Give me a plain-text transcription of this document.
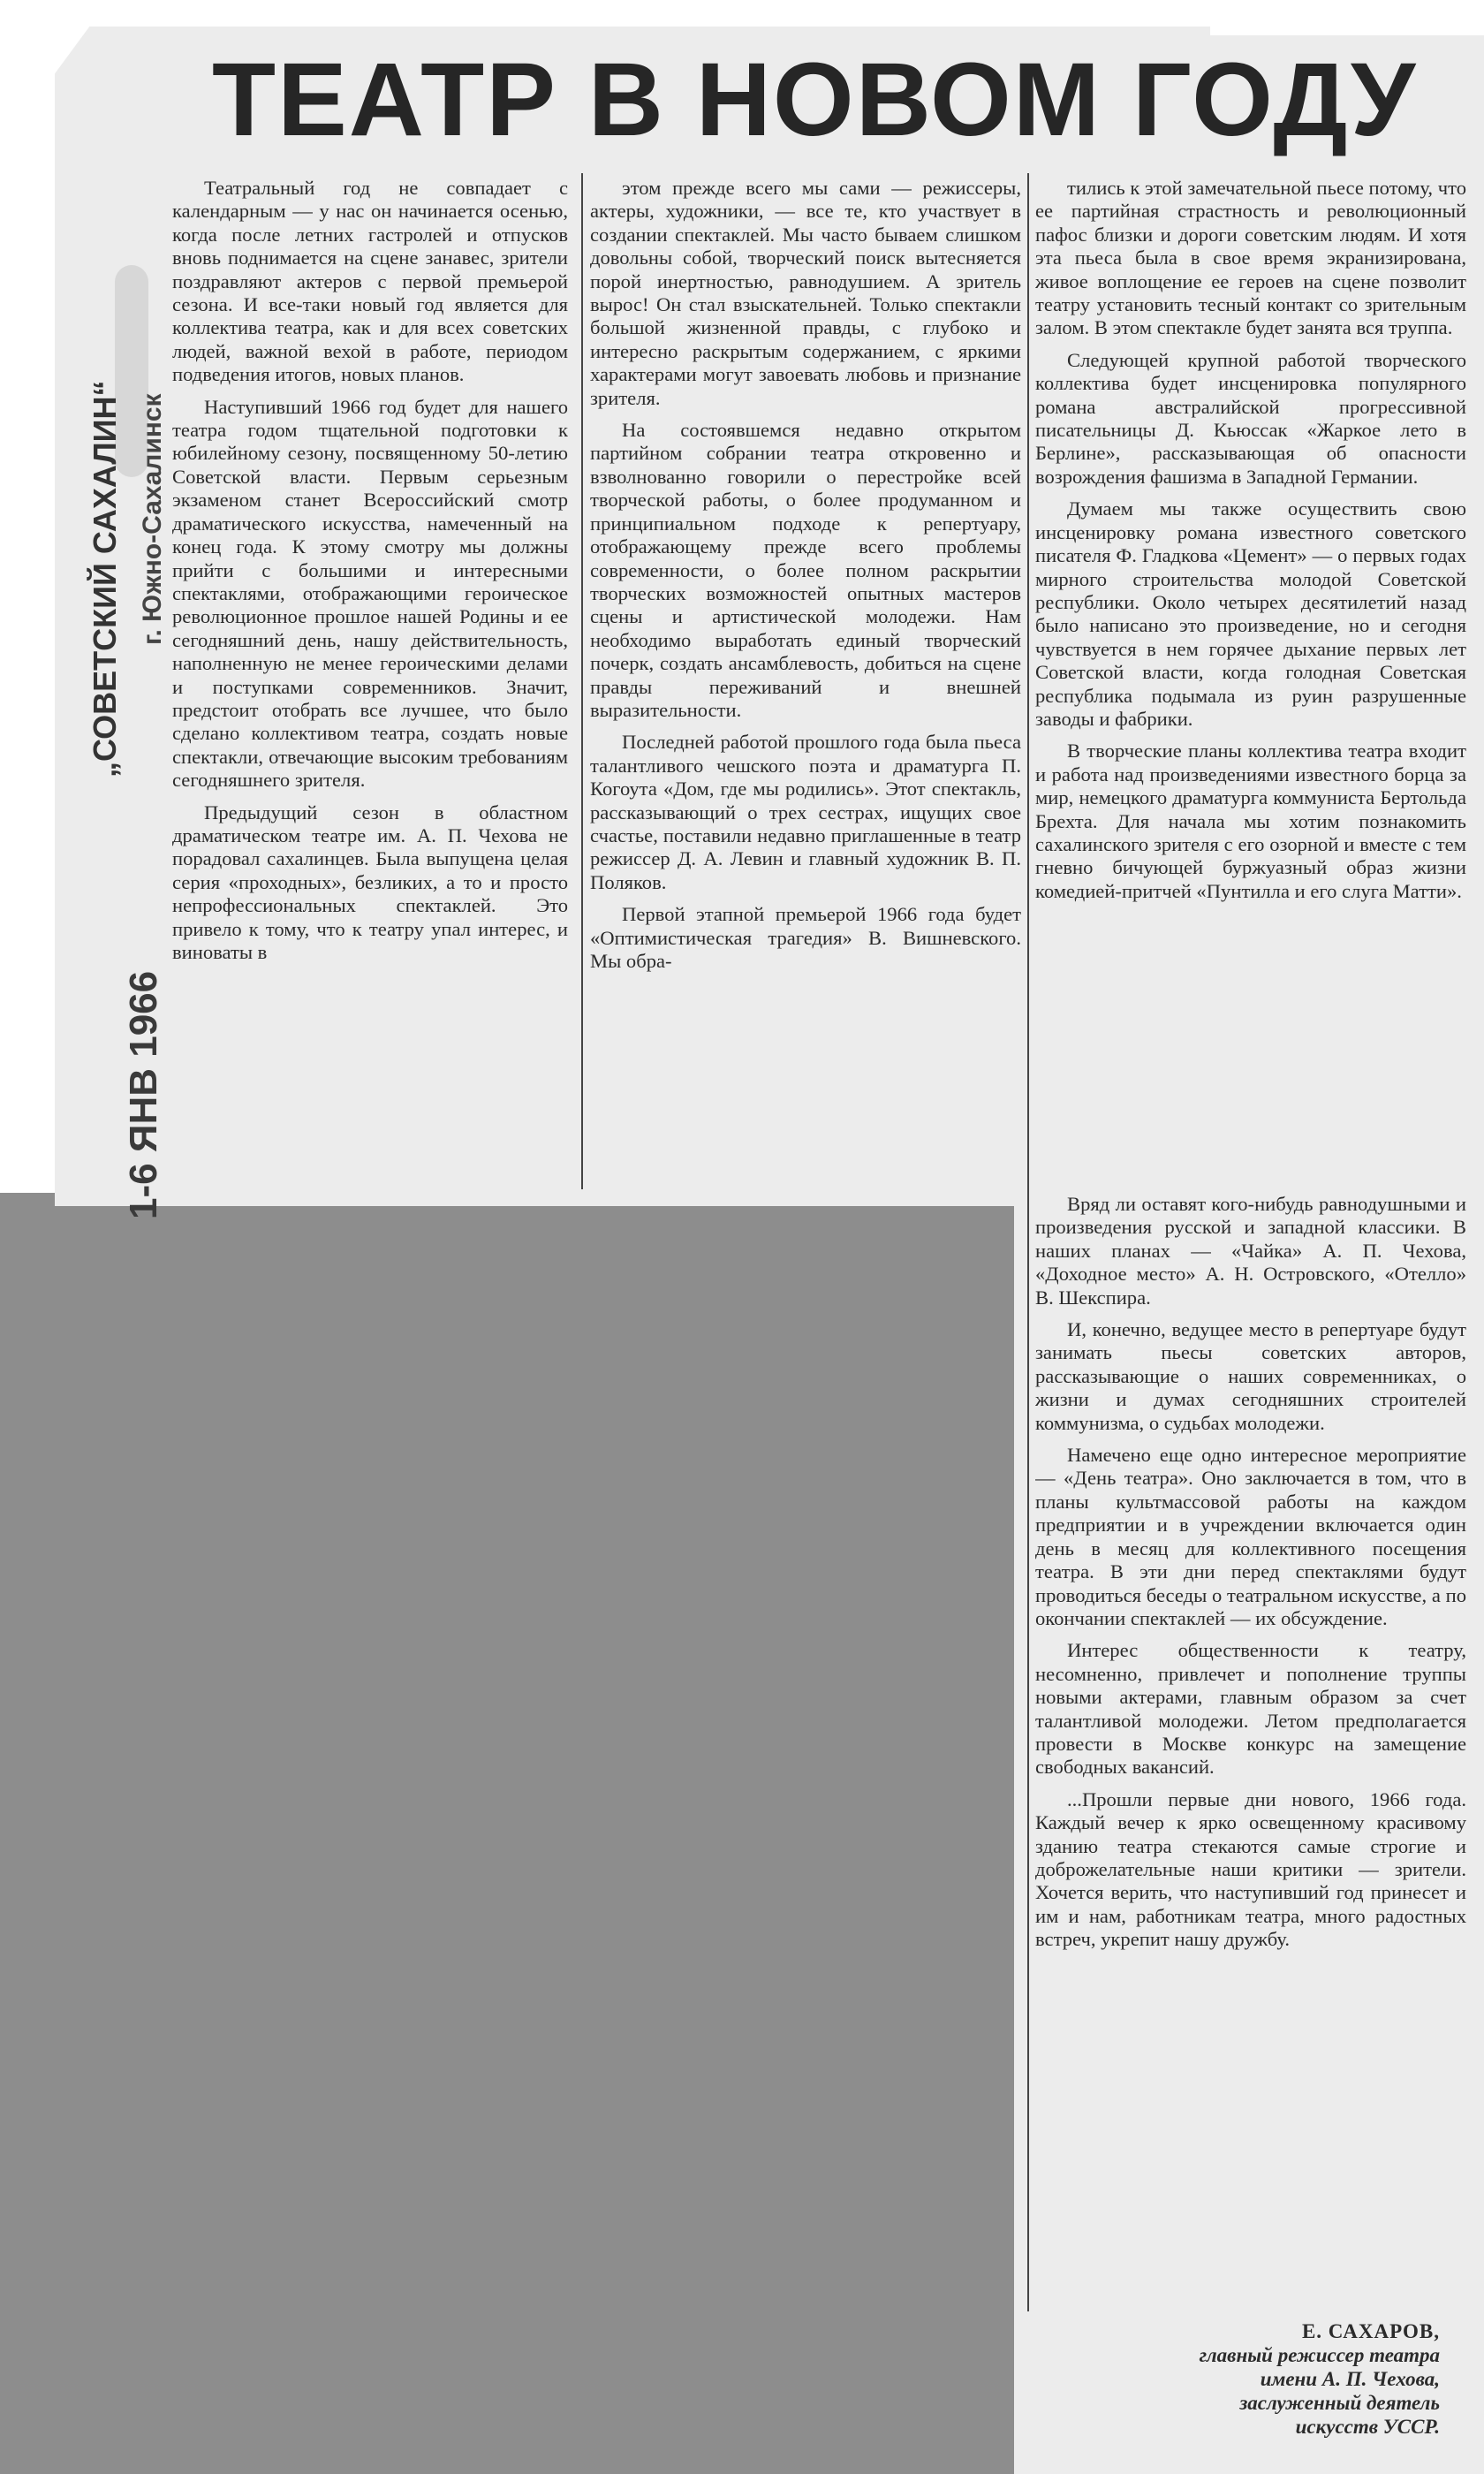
ТЕАТР В НОВОМ ГОДУ
„СОВЕТСКИЙ САХАЛИН“ г. Южно-Сахалинск
1-6 ЯНВ 1966

Театральный год не совпадает с календарным — у нас он начинается осенью, когда после летних гастролей и отпусков вновь поднимается на сцене занавес, зрители поздравляют актеров с первой премьерой сезона. И все-таки новый год является для коллектива театра, как и для всех советских людей, важной вехой в работе, периодом подведения итогов, новых планов.

Наступивший 1966 год будет для нашего театра годом тщательной подготовки к юбилейному сезону, посвященному 50-летию Советской власти. Первым серьезным экзаменом станет Всероссийский смотр драматического искусства, намеченный на конец года. К этому смотру мы должны прийти с большими и интересными спектаклями, отображающими героическое революционное прошлое нашей Родины и ее сегодняшний день, нашу действительность, наполненную не менее героическими делами и поступками современников. Значит, предстоит отобрать все лучшее, что было сделано коллективом театра, создать новые спектакли, отвечающие высоким требованиям сегодняшнего зрителя.

Предыдущий сезон в областном драматическом театре им. А. П. Чехова не порадовал сахалинцев. Была выпущена целая серия «проходных», безликих, а то и просто непрофессиональных спектаклей. Это привело к тому, что к театру упал интерес, и виноваты в

этом прежде всего мы сами — режиссеры, актеры, художники, — все те, кто участвует в создании спектаклей. Мы часто бываем слишком довольны собой, творческий поиск вытесняется порой инертностью, равнодушием. А зритель вырос! Он стал взыскательней. Только спектакли большой жизненной правды, с глубоко и интересно раскрытым содержанием, с яркими характерами могут завоевать любовь и признание зрителя.

На состоявшемся недавно открытом партийном собрании театра откровенно и взволнованно говорили о перестройке всей творческой работы, о более продуманном и принципиальном подходе к репертуару, отображающему прежде всего проблемы современности, о более полном раскрытии творческих возможностей опытных мастеров сцены и артистической молодежи. Нам необходимо выработать единый творческий почерк, создать ансамблевость, добиться на сцене правды переживаний и внешней выразительности.

Последней работой прошлого года была пьеса талантливого чешского поэта и драматурга П. Когоута «Дом, где мы родились». Этот спектакль, рассказывающий о трех сестрах, ищущих свое счастье, поставили недавно приглашенные в театр режиссер Д. А. Левин и главный художник В. П. Поляков.

Первой этапной премьерой 1966 года будет «Оптимистическая трагедия» В. Вишневского. Мы обра-

тились к этой замечательной пьесе потому, что ее партийная страстность и революционный пафос близки и дороги советским людям. И хотя эта пьеса была в свое время экранизирована, живое воплощение ее героев на сцене позволит театру установить тесный контакт со зрительным залом. В этом спектакле будет занята вся труппа.

Следующей крупной работой творческого коллектива будет инсценировка популярного романа австралийской прогрессивной писательницы Д. Кьюссак «Жаркое лето в Берлине», рассказывающая об опасности возрождения фашизма в Западной Германии.

Думаем мы также осуществить свою инсценировку романа известного советского писателя Ф. Гладкова «Цемент» — о первых годах мирного строительства молодой Советской республики. Около четырех десятилетий назад было написано это произведение, но и сегодня чувствуется в нем горячее дыхание первых лет Советской власти, когда голодная Советская республика подымала из руин разрушенные заводы и фабрики.

В творческие планы коллектива театра входит и работа над произведениями известного борца за мир, немецкого драматурга коммуниста Бертольда Брехта. Для начала мы хотим познакомить сахалинского зрителя с его озорной и вместе с тем гневно бичующей буржуазный образ жизни комедией-притчей «Пунтилла и его слуга Матти».

Вряд ли оставят кого-нибудь равнодушными и произведения русской и западной классики. В наших планах — «Чайка» А. П. Чехова, «Доходное место» А. Н. Островского, «Отелло» В. Шекспира.

И, конечно, ведущее место в репертуаре будут занимать пьесы советских авторов, рассказывающие о наших современниках, о жизни и думах сегодняшних строителей коммунизма, о судьбах молодежи.

Намечено еще одно интересное мероприятие — «День театра». Оно заключается в том, что в планы культмассовой работы на каждом предприятии и в учреждении включается один день в месяц для коллективного посещения театра. В эти дни перед спектаклями будут проводиться беседы о театральном искусстве, а по окончании спектаклей — их обсуждение.

Интерес общественности к театру, несомненно, привлечет и пополнение труппы новыми актерами, главным образом за счет талантливой молодежи. Летом предполагается провести в Москве конкурс на замещение свободных вакансий.

...Прошли первые дни нового, 1966 года. Каждый вечер к ярко освещенному красивому зданию театра стекаются самые строгие и доброжелательные наши критики — зрители. Хочется верить, что наступивший год принесет и им и нам, работникам театра, много радостных встреч, укрепит нашу дружбу.

Е. САХАРОВ,
главный режиссер театра
имени А. П. Чехова,
заслуженный деятель
искусств УССР.
